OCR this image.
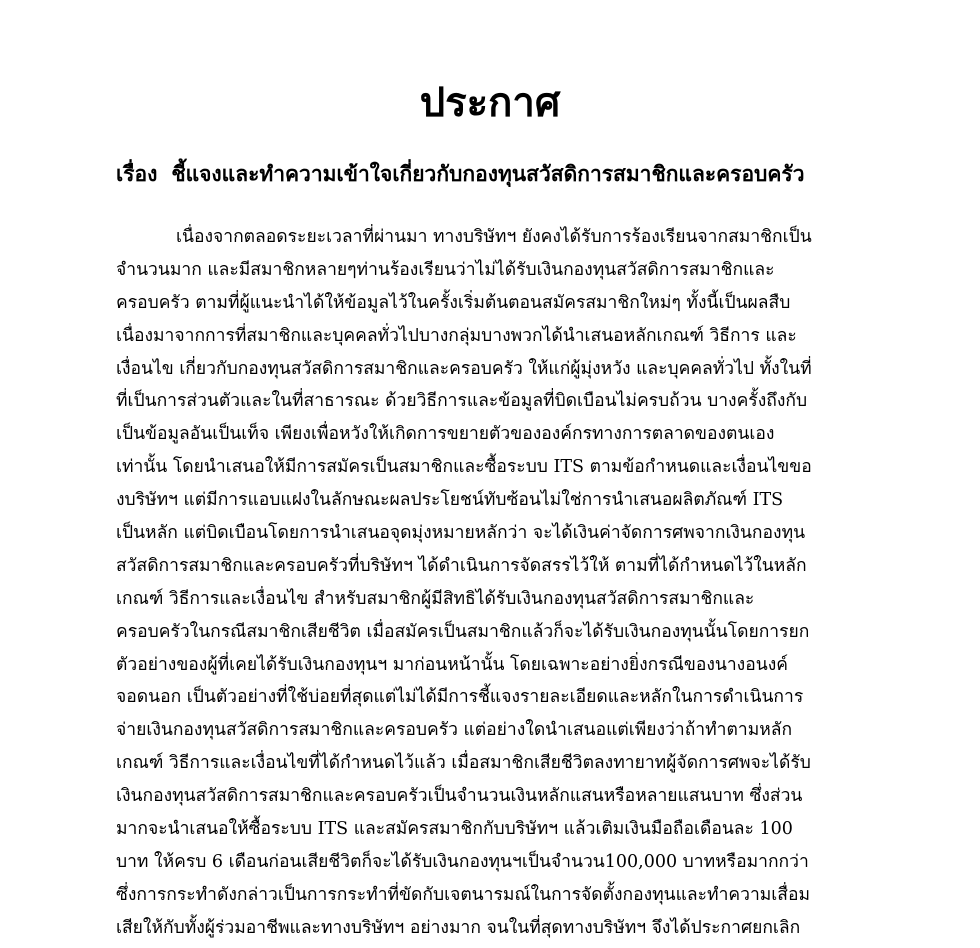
ประกาศ
เรื่อง ชี้แจงและทำความเข้าใจเกี่ยวกับกองทุนสวัสดิการสมาชิกและครอบครัว
เนื่องจากตลอดระยะเวลาที่ผ่านมา ทางบริษัทฯ ยังคงได้รับการร้องเรียนจากสมาชิกเป็น
จำนวนมาก และมีสมาชิกหลายๆท่านร้องเรียนว่าไม่ได้รับเงินกองทุนสวัสดิการสมาชิกและ
ครอบครัว ตามที่ผู้แนะนำได้ให้ข้อมูลไว้ในครั้งเริ่มต้นตอนสมัครสมาชิกใหม่ๆ ทั้งนี้เป็นผลสืบ
เนื่องมาจากการที่สมาชิกและบุคคลทั่วไปบางกลุ่มบางพวกได้นำเสนอหลักเกณฑ์ วิธีการ และ
เงื่อนไข เกี่ยวกับกองทุนสวัสดิการสมาชิกและครอบครัว ให้แก่ผู้มุ่งหวัง และบุคคลทั่วไป ทั้งในที่
ที่เป็นการส่วนตัวและในที่สาธารณะ ด้วยวิธีการและข้อมูลที่บิดเบือนไม่ครบถ้วน บางครั้งถึงกับ
เป็นข้อมูลอันเป็นเท็จ เพียงเพื่อหวังให้เกิดการขยายตัวขององค์กรทางการตลาดของตนเอง
เท่านั้น โดยนำเสนอให้มีการสมัครเป็นสมาชิกและซื้อระบบ ITS ตามข้อกำหนดและเงื่อนไขขอ
งบริษัทฯ แต่มีการแอบแฝงในลักษณะผลประโยชน์ทับซ้อนไม่ใช่การนำเสนอผลิตภัณฑ์ ITS
เป็นหลัก แต่บิดเบือนโดยการนำเสนอจุดมุ่งหมายหลักว่า จะได้เงินค่าจัดการศพจากเงินกองทุน
สวัสดิการสมาชิกและครอบครัวที่บริษัทฯ ได้ดำเนินการจัดสรรไว้ให้ ตามที่ได้กำหนดไว้ในหลัก
เกณฑ์ วิธีการและเงื่อนไข สำหรับสมาชิกผู้มีสิทธิได้รับเงินกองทุนสวัสดิการสมาชิกและ
ครอบครัวในกรณีสมาชิกเสียชีวิต เมื่อสมัครเป็นสมาชิกแล้วก็จะได้รับเงินกองทุนนั้นโดยการยก
ตัวอย่างของผู้ที่เคยได้รับเงินกองทุนฯ มาก่อนหน้านั้น โดยเฉพาะอย่างยิ่งกรณีของนางอนงค์
จอดนอก เป็นตัวอย่างที่ใช้บ่อยที่สุดแต่ไม่ได้มีการชี้แจงรายละเอียดและหลักในการดำเนินการ
จ่ายเงินกองทุนสวัสดิการสมาชิกและครอบครัว แต่อย่างใดนำเสนอแต่เพียงว่าถ้าทำตามหลัก
เกณฑ์ วิธีการและเงื่อนไขที่ได้กำหนดไว้แล้ว เมื่อสมาชิกเสียชีวิตลงทายาทผู้จัดการศพจะได้รับ
เงินกองทุนสวัสดิการสมาชิกและครอบครัวเป็นจำนวนเงินหลักแสนหรือหลายแสนบาท ซึ่งส่วน
มากจะนำเสนอให้ซื้อระบบ ITS และสมัครสมาชิกกับบริษัทฯ แล้วเติมเงินมือถือเดือนละ 100
บาท ให้ครบ 6 เดือนก่อนเสียชีวิตก็จะได้รับเงินกองทุนฯเป็นจำนวน100,000 บาทหรือมากกว่า
ซึ่งการกระทำดังกล่าวเป็นการกระทำที่ขัดกับเจตนารมณ์ในการจัดตั้งกองทุนและทำความเสื่อม
เสียให้กับทั้งผู้ร่วมอาชีพและทางบริษัทฯ อย่างมาก จนในที่สุดทางบริษัทฯ จึงได้ประกาศยกเลิก
